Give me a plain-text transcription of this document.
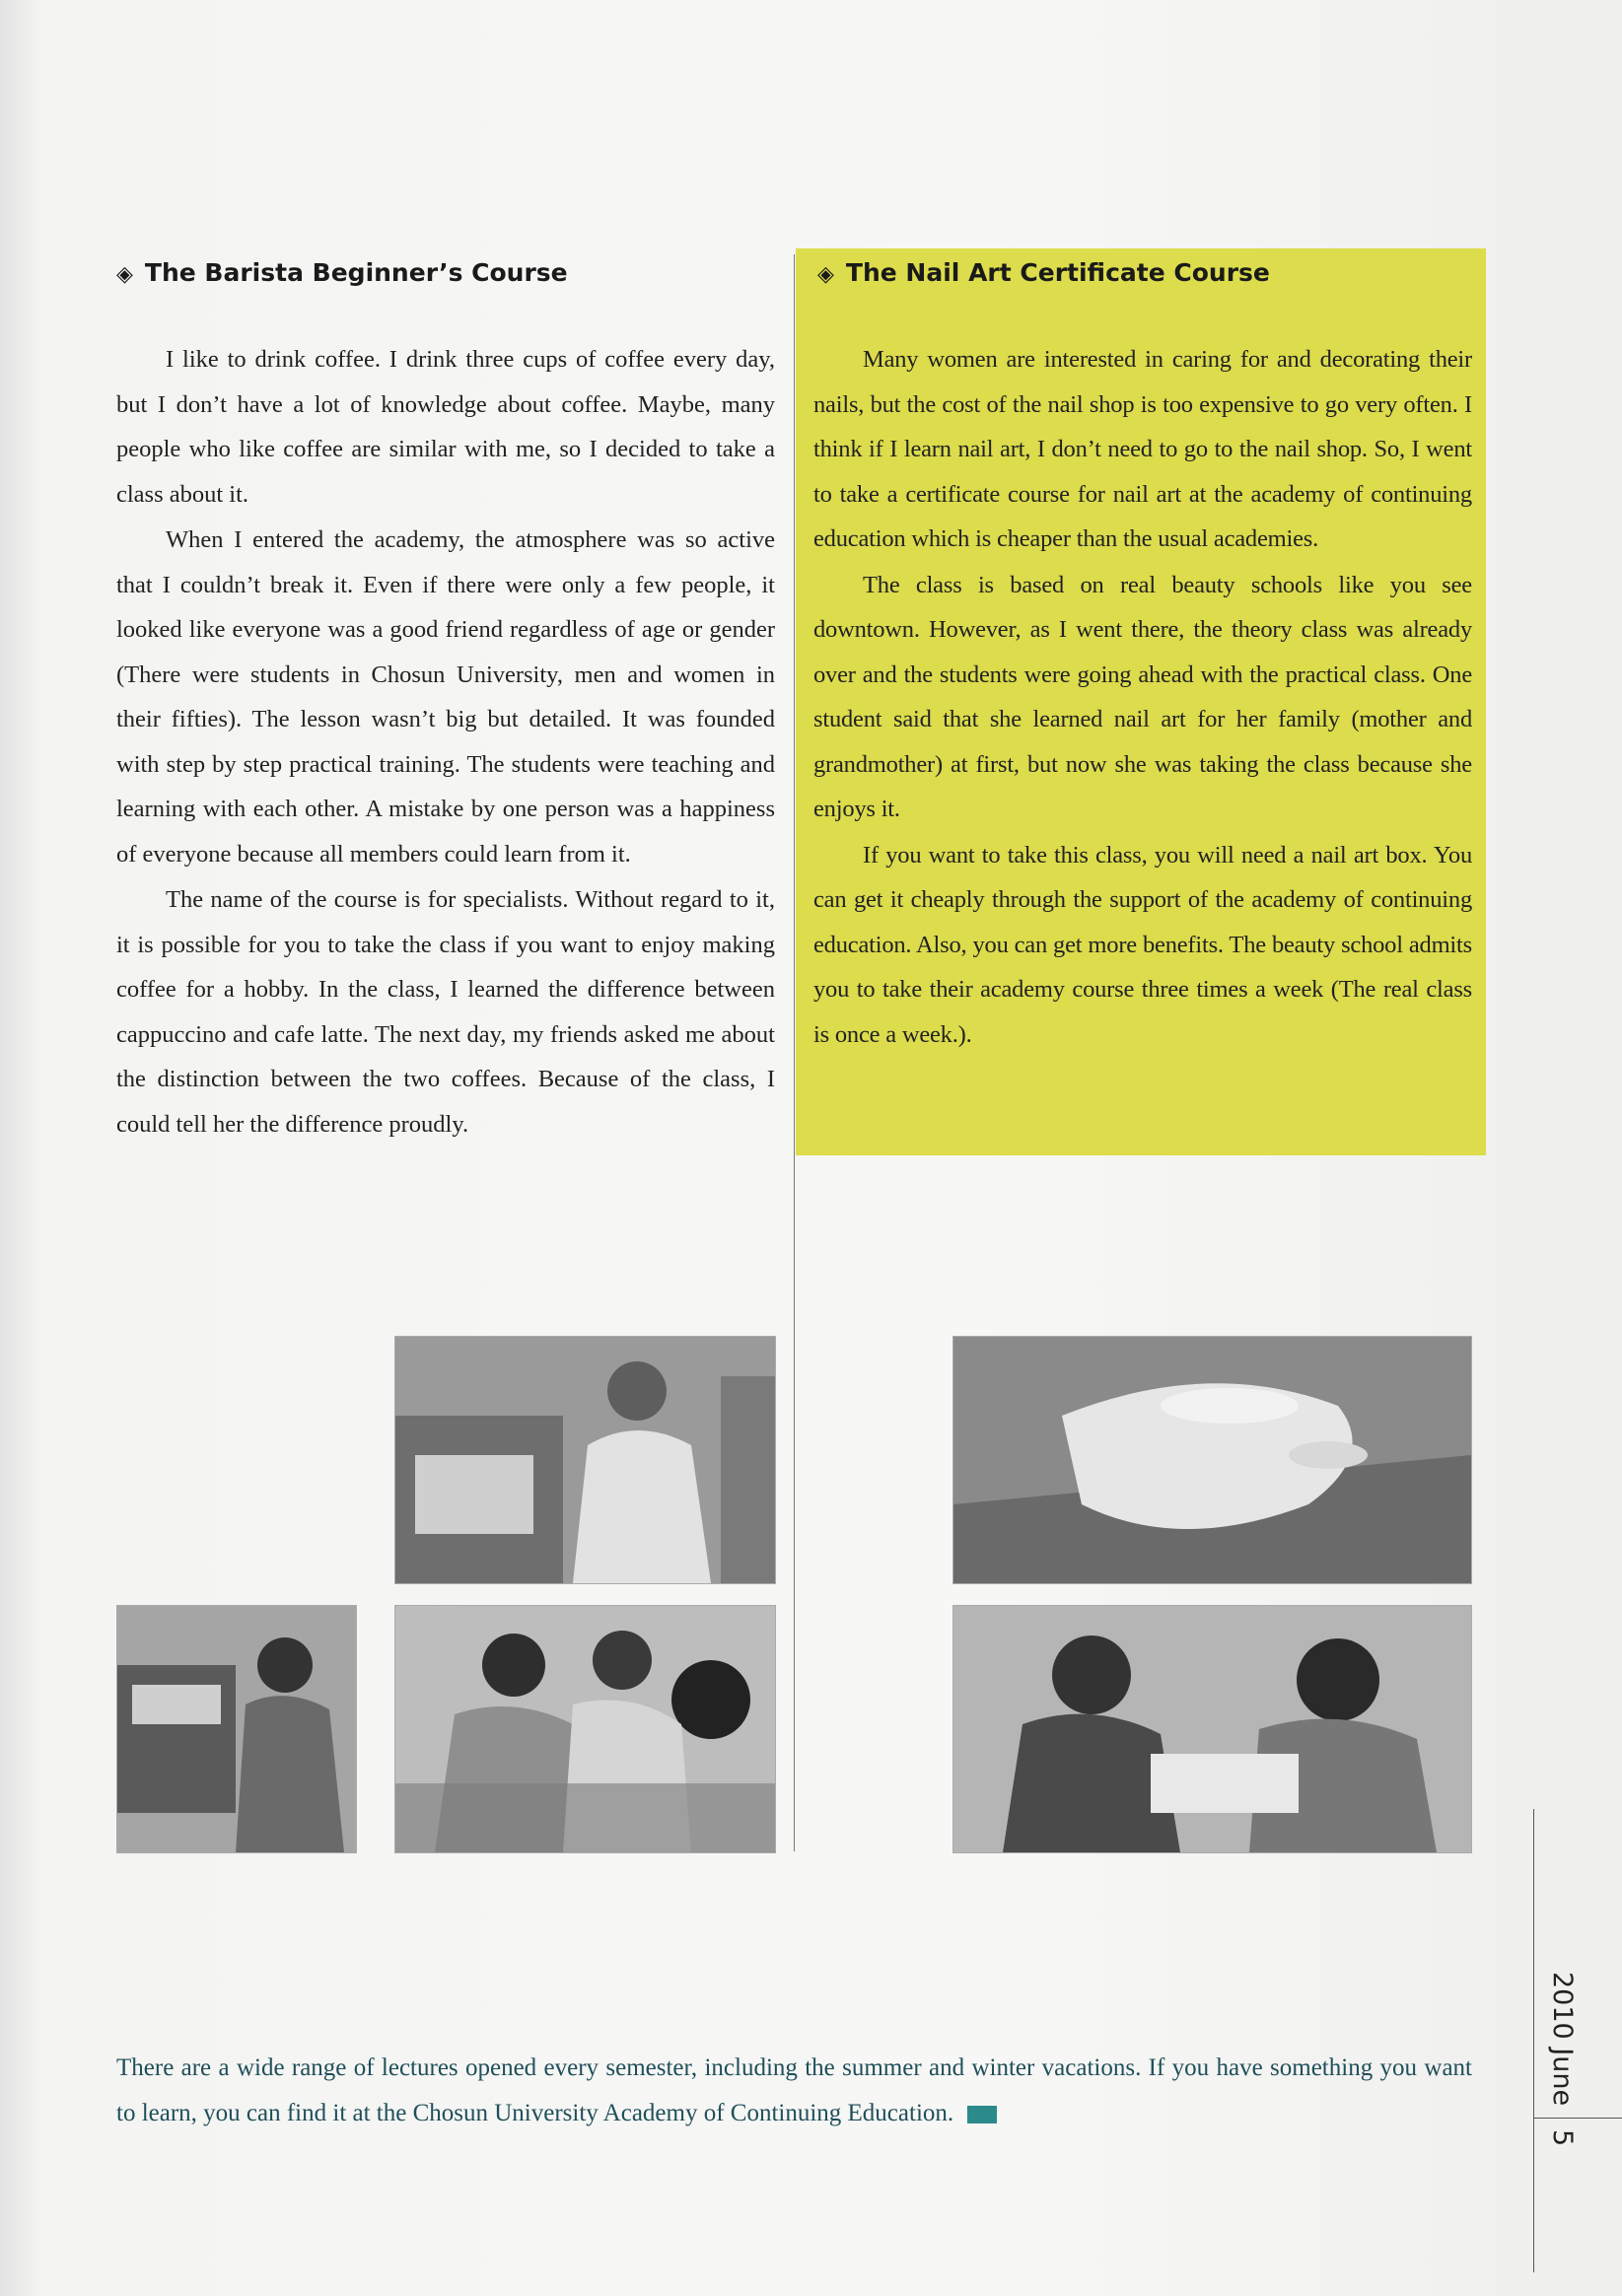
◈ The Barista Beginner’s Course

I like to drink coffee. I drink three cups of coffee every day, but I don’t have a lot of knowledge about coffee. Maybe, many people who like coffee are similar with me, so I decided to take a class about it.

When I entered the academy, the atmosphere was so active that I couldn’t break it. Even if there were only a few people, it looked like everyone was a good friend regardless of age or gender (There were students in Chosun University, men and women in their fifties). The lesson wasn’t big but detailed. It was founded with step by step practical training. The students were teaching and learning with each other. A mistake by one person was a happiness of everyone because all members could learn from it.

The name of the course is for specialists. Without regard to it, it is possible for you to take the class if you want to enjoy making coffee for a hobby. In the class, I learned the difference between cappuccino and cafe latte. The next day, my friends asked me about the distinction between the two coffees. Because of the class, I could tell her the difference proudly.

◈ The Nail Art Certificate Course

Many women are interested in caring for and decorating their nails, but the cost of the nail shop is too expensive to go very often. I think if I learn nail art, I don’t need to go to the nail shop. So, I went to take a certificate course for nail art at the academy of continuing education which is cheaper than the usual academies.

The class is based on real beauty schools like you see downtown. However, as I went there, the theory class was already over and the students were going ahead with the practical class. One student said that she learned nail art for her family (mother and grandmother) at first, but now she was taking the class because she enjoys it.

If you want to take this class, you will need a nail art box. You can get it cheaply through the support of the academy of continuing education. Also, you can get more benefits. The beauty school admits you to take their academy course three times a week (The real class is once a week.).

There are a wide range of lectures opened every semester, including the summer and winter vacations. If you have something you want to learn, you can find it at the Chosun University Academy of Continuing Education.
2010 June
5
